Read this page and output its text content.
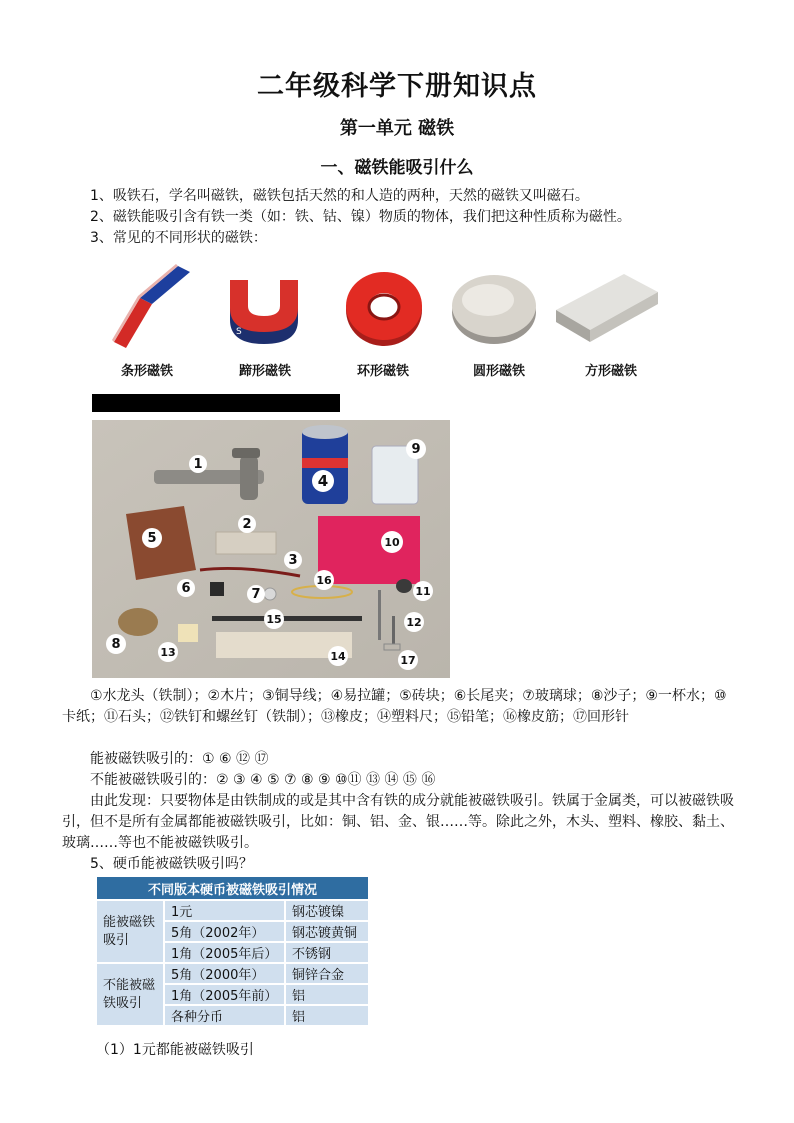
二年级科学下册知识点
第一单元 磁铁
一、磁铁能吸引什么
1、吸铁石，学名叫磁铁，磁铁包括天然的和人造的两种，天然的磁铁又叫磁石。
2、磁铁能吸引含有铁一类（如：铁、钴、镍）物质的物体，我们把这种性质称为磁性。
3、常见的不同形状的磁铁：
条形磁铁
S
蹄形磁铁	环形磁铁	圆形磁铁	方形磁铁
1
2
3
4
5
6	7
8
9
10
11
12
13	14
15
16
17
①水龙头（铁制）；②木片；③铜导线；④易拉罐；⑤砖块；⑥长尾夹；⑦玻璃球；⑧沙子；⑨一杯水；⑩卡纸；⑪石头；⑫铁钉和螺丝钉（铁制）；⑬橡皮；⑭塑料尺；⑮铅笔；⑯橡皮筋；⑰回形针
能被磁铁吸引的：① ⑥ ⑫ ⑰
不能被磁铁吸引的：② ③ ④ ⑤ ⑦ ⑧ ⑨ ⑩⑪ ⑬ ⑭ ⑮ ⑯
由此发现：只要物体是由铁制成的或是其中含有铁的成分就能被磁铁吸引。铁属于金属类，可以被磁铁吸引，但不是所有金属都能被磁铁吸引，比如：铜、铝、金、银……等。除此之外，木头、塑料、橡胶、黏土、玻璃……等也不能被磁铁吸引。
5、硬币能被磁铁吸引吗？
不同版本硬币被磁铁吸引情况		
能被磁铁吸引	1元	钢芯镀镍
	5角（2002年）	钢芯镀黄铜
	1角（2005年后）	不锈钢
不能被磁铁吸引	5角（2000年）	铜锌合金
	1角（2005年前）	铝
	各种分币	铝
（1）1元都能被磁铁吸引
